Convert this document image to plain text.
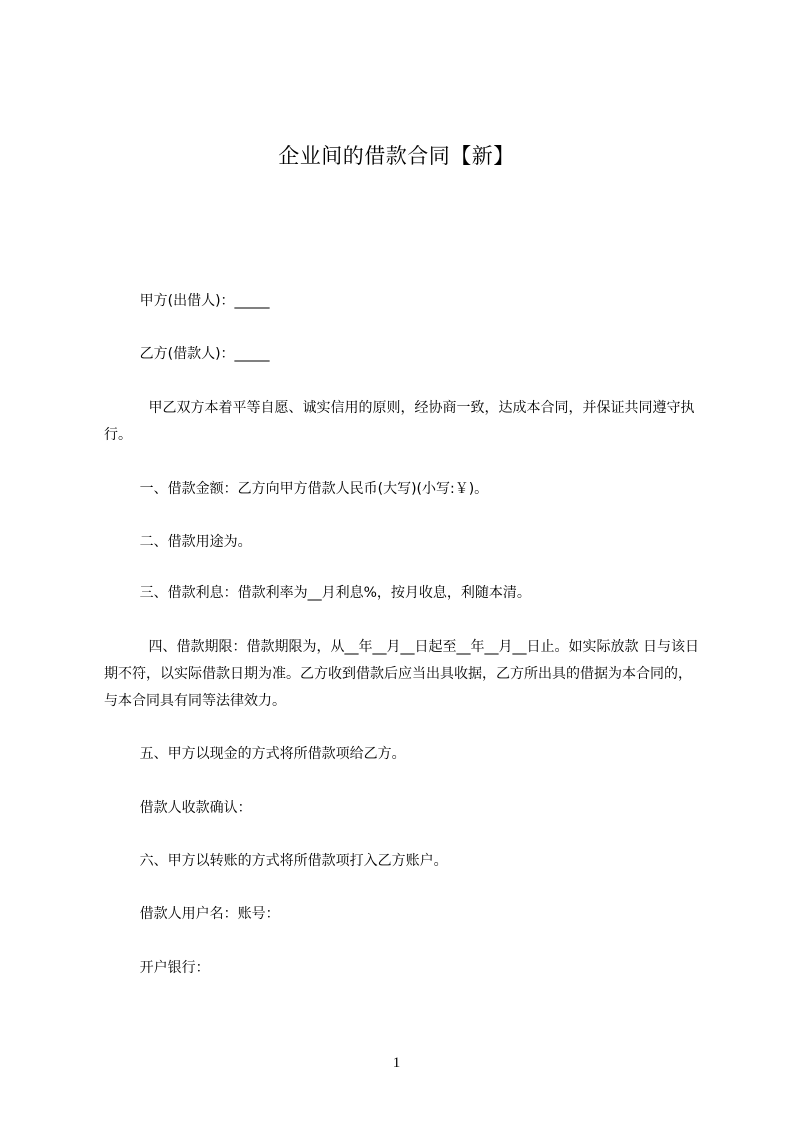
企业间的借款合同【新】
甲方(出借人)：_____
乙方(借款人)：_____
甲乙双方本着平等自愿、诚实信用的原则，经协商一致，达成本合同，并保证共同遵守执行。
一、借款金额：乙方向甲方借款人民币(大写)(小写:￥)。
二、借款用途为。
三、借款利息：借款利率为__月利息%，按月收息，利随本清。
四、借款期限：借款期限为，从__年__月__日起至__年__月__日止。如实际放款 日与该日期不符，以实际借款日期为准。乙方收到借款后应当出具收据，乙方所出具的借据为本合同的，与本合同具有同等法律效力。
五、甲方以现金的方式将所借款项给乙方。
借款人收款确认：
六、甲方以转账的方式将所借款项打入乙方账户。
借款人用户名：账号：
开户银行：
1
